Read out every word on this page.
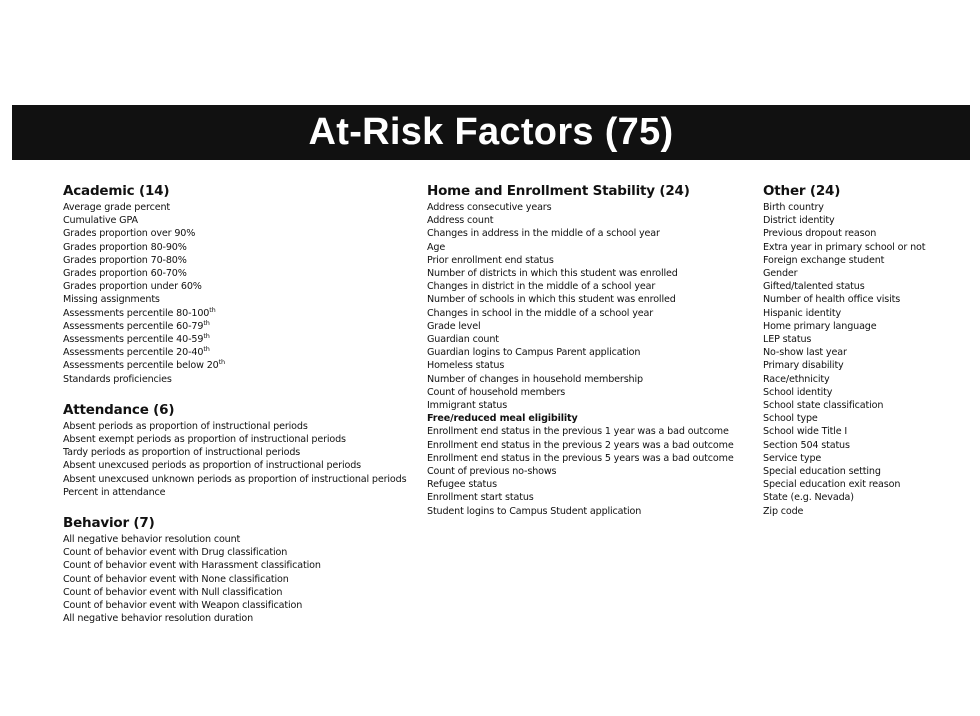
At-Risk Factors (75)
Academic (14)
Average grade percent
Cumulative GPA
Grades proportion over 90%
Grades proportion 80-90%
Grades proportion 70-80%
Grades proportion 60-70%
Grades proportion under 60%
Missing assignments
Assessments percentile 80-100th
Assessments percentile 60-79th
Assessments percentile 40-59th
Assessments percentile 20-40th
Assessments percentile below 20th
Standards proficiencies
Attendance (6)
Absent periods as proportion of instructional periods
Absent exempt periods as proportion of instructional periods
Tardy periods as proportion of instructional periods
Absent unexcused periods as proportion of instructional periods
Absent unexcused unknown periods as proportion of instructional periods
Percent in attendance
Behavior (7)
All negative behavior resolution count
Count of behavior event with Drug classification
Count of behavior event with Harassment classification
Count of behavior event with None classification
Count of behavior event with Null classification
Count of behavior event with Weapon classification
All negative behavior resolution duration
Home and Enrollment Stability (24)
Address consecutive years
Address count
Changes in address in the middle of a school year
Age
Prior enrollment end status
Number of districts in which this student was enrolled
Changes in district in the middle of a school year
Number of schools in which this student was enrolled
Changes in school in the middle of a school year
Grade level
Guardian count
Guardian logins to Campus Parent application
Homeless status
Number of changes in household membership
Count of household members
Immigrant status
Free/reduced meal eligibility
Enrollment end status in the previous 1 year was a bad outcome
Enrollment end status in the previous 2 years was a bad outcome
Enrollment end status in the previous 5 years was a bad outcome
Count of previous no-shows
Refugee status
Enrollment start status
Student logins to Campus Student application
Other (24)
Birth country
District identity
Previous dropout reason
Extra year in primary school or not
Foreign exchange student
Gender
Gifted/talented status
Number of health office visits
Hispanic identity
Home primary language
LEP status
No-show last year
Primary disability
Race/ethnicity
School identity
School state classification
School type
School wide Title I
Section 504 status
Service type
Special education setting
Special education exit reason
State (e.g. Nevada)
Zip code
